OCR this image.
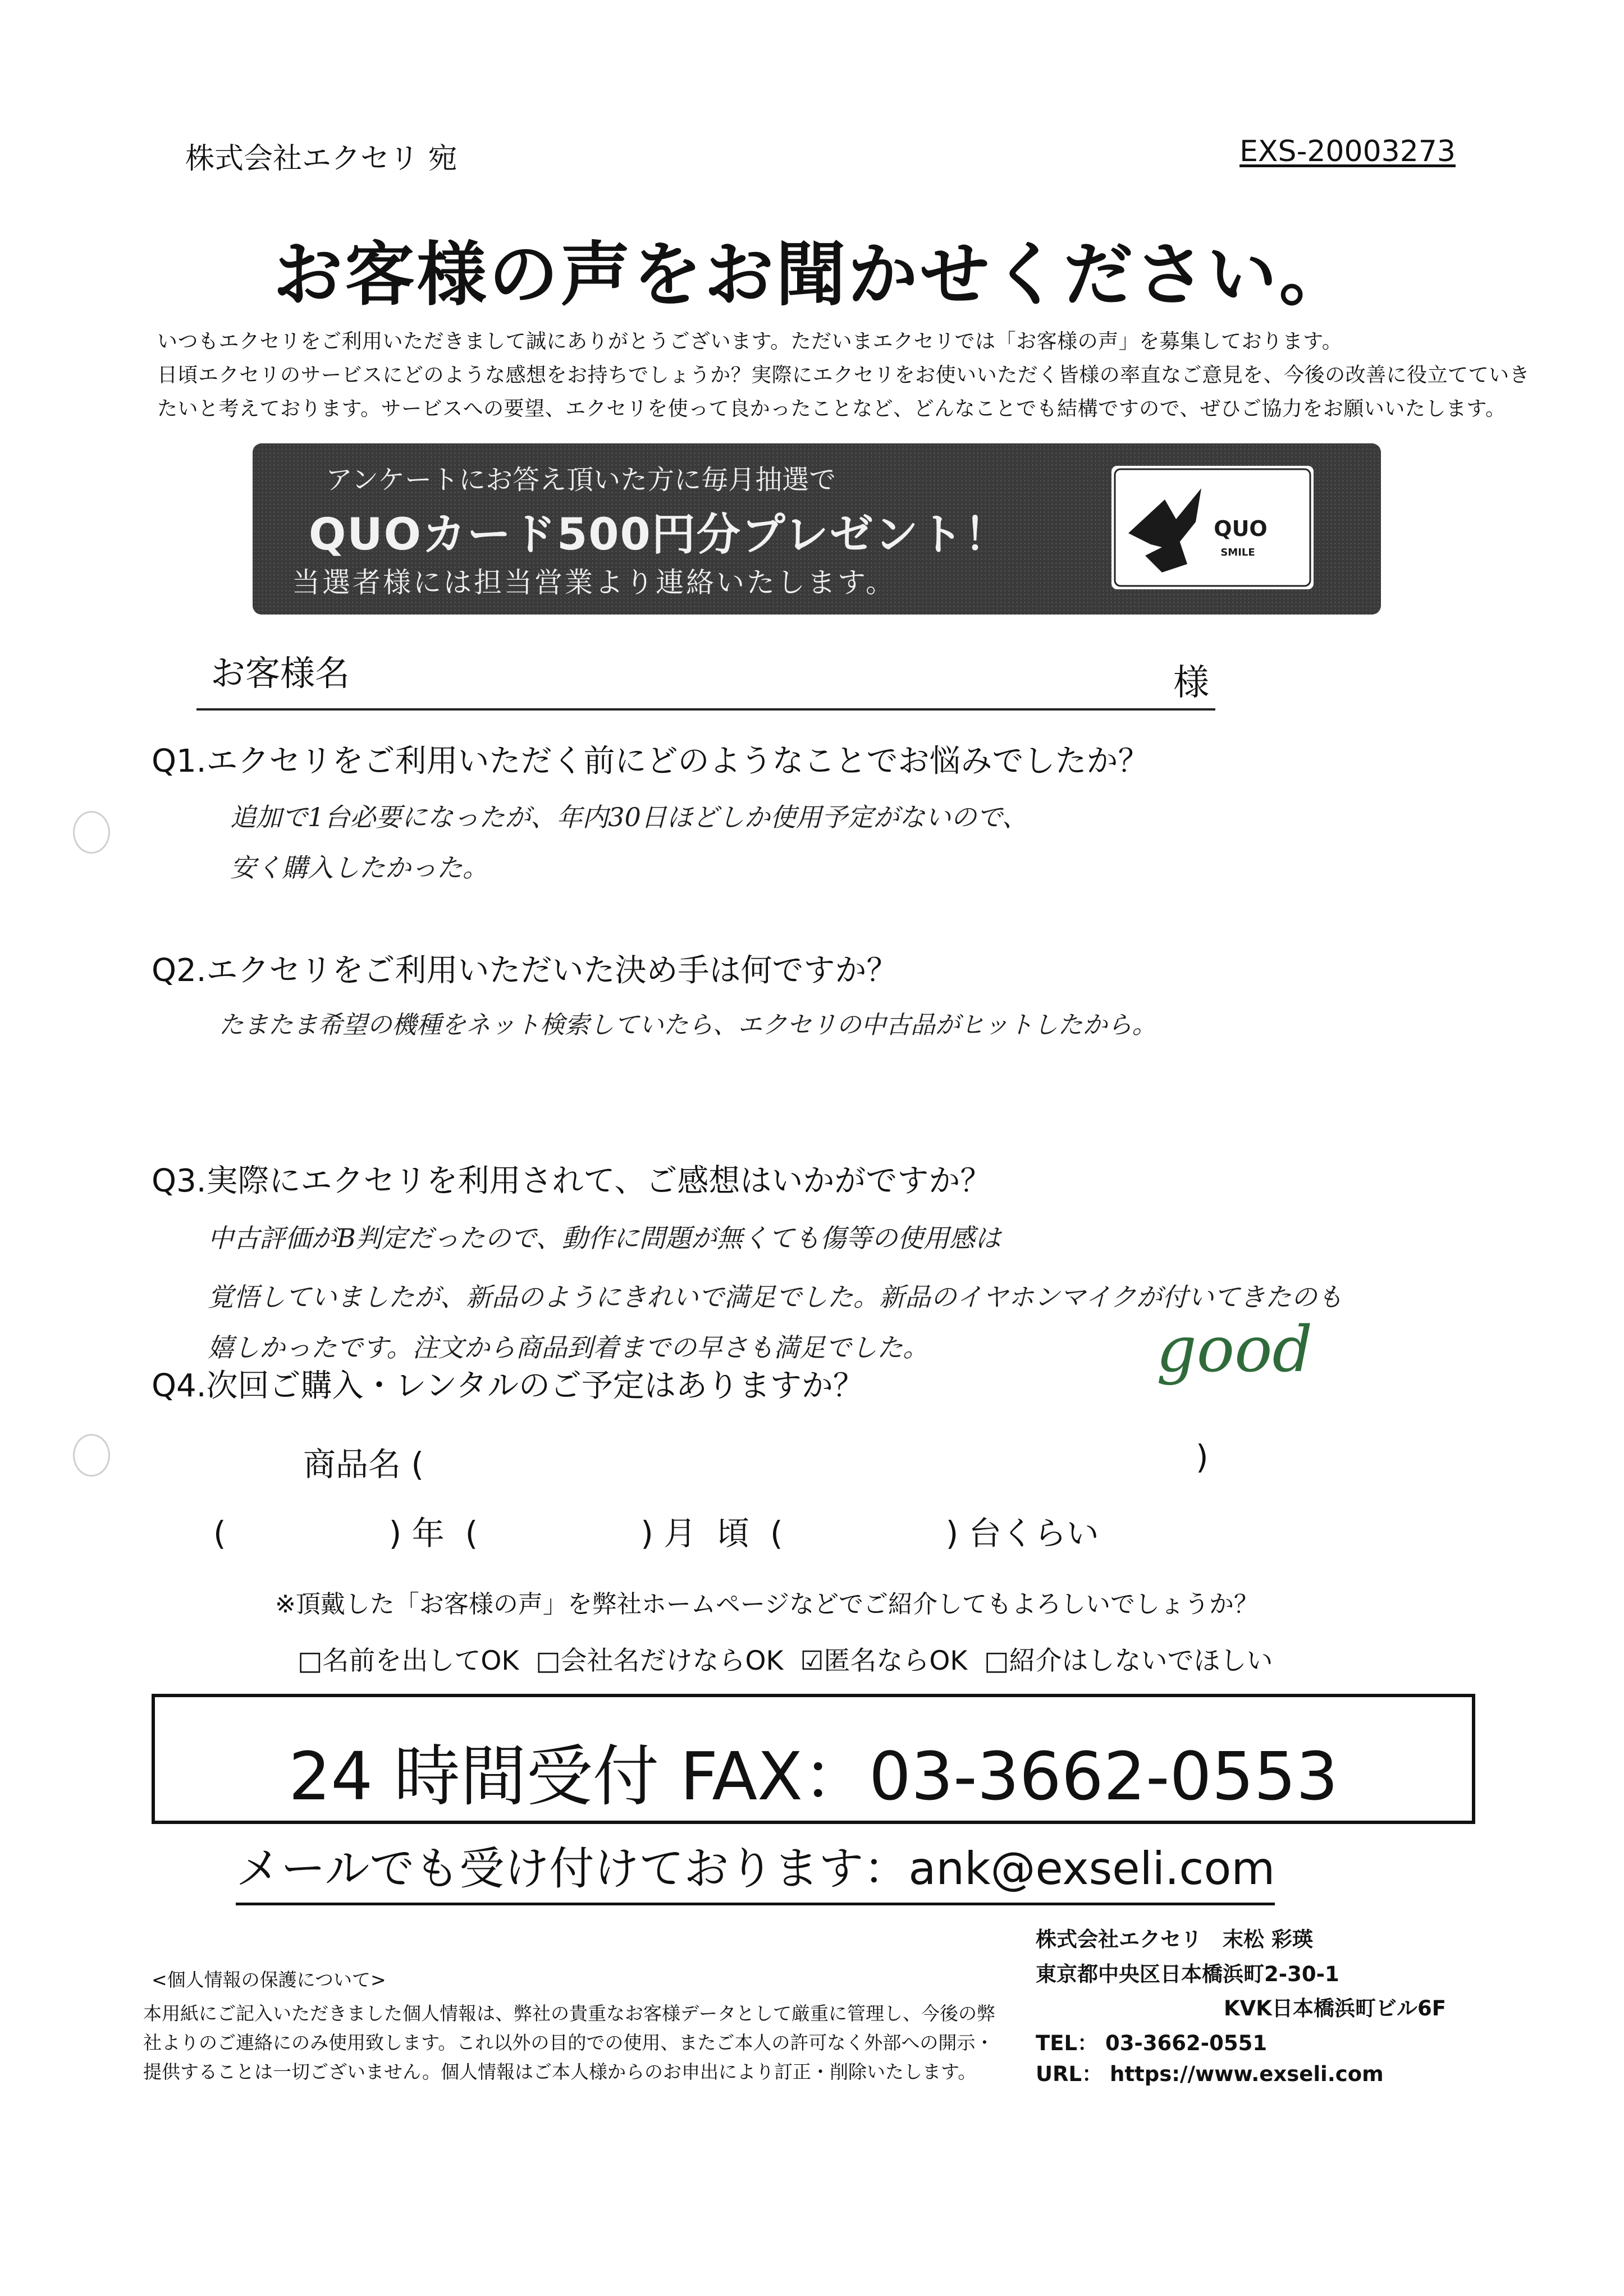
株式会社エクセリ 宛	EXS-20003273
お客様の声をお聞かせください。

いつもエクセリをご利用いただきまして誠にありがとうございます。ただいまエクセリでは「お客様の声」を募集しております。

日頃エクセリのサービスにどのような感想をお持ちでしょうか？実際にエクセリをお使いいただく皆様の率直なご意見を、今後の改善に役立てていき

たいと考えております。サービスへの要望、エクセリを使って良かったことなど、どんなことでも結構ですので、ぜひご協力をお願いいたします。

アンケートにお答え頂いた方に毎月抽選で
QUOカード500円分プレゼント！
当選者様には担当営業より連絡いたします。
QUO
SMILE
お客様名	様
Q1.エクセリをご利用いただく前にどのようなことでお悩みでしたか？
追加で1台必要になったが、年内30日ほどしか使用予定がないので、
安く購入したかった。
Q2.エクセリをご利用いただいた決め手は何ですか？
たまたま希望の機種をネット検索していたら、エクセリの中古品がヒットしたから。
Q3.実際にエクセリを利用されて、ご感想はいかがですか？
中古評価がB判定だったので、動作に問題が無くても傷等の使用感は
覚悟していましたが、新品のようにきれいで満足でした。新品のイヤホンマイクが付いてきたのも
嬉しかったです。注文から商品到着までの早さも満足でした。	good
Q4.次回ご購入・レンタルのご予定はありますか？
商品名 (	)
(　　　　　) 年  (　　　　　) 月  頃  (　　　　　) 台くらい
※頂戴した「お客様の声」を弊社ホームページなどでご紹介してもよろしいでしょうか？
□名前を出してOK  □会社名だけならOK  ☑匿名ならOK  □紹介はしないでほしい
24 時間受付 FAX：03-3662-0553
メールでも受け付けております：ank@exseli.com
株式会社エクセリ　末松 彩瑛
東京都中央区日本橋浜町2-30-1
KVK日本橋浜町ビル6F
TEL： 03-3662-0551
URL： https://www.exseli.com
<個人情報の保護について>
本用紙にご記入いただきました個人情報は、弊社の貴重なお客様データとして厳重に管理し、今後の弊
社よりのご連絡にのみ使用致します。これ以外の目的での使用、またご本人の許可なく外部への開示・
提供することは一切ございません。個人情報はご本人様からのお申出により訂正・削除いたします。
